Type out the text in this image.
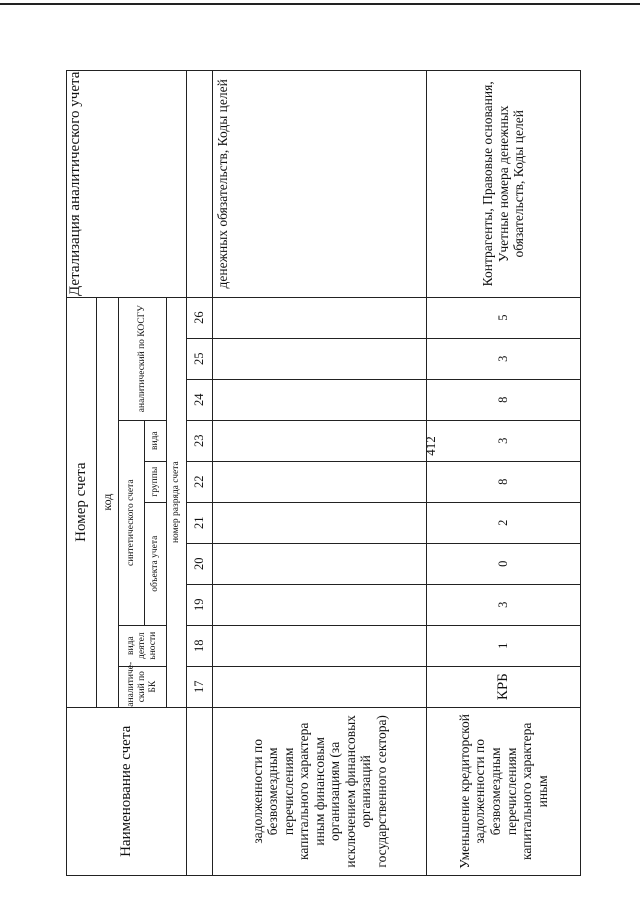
412
Наименование счета	Номер счета										Детализация аналитического учета
	код										
	аналитический по БК	вида деятел ьности	синтетического счета					аналитический по КОСГУ			
			объекта учета			группы	вида				
	номер разряда счета										
	17	18	19	20	21	22	23	24	25	26	
задолженности по безвозмездным перечислениям капитального характера иным финансовым организациям (за исключением финансовых организаций государственного сектора)											денежных обязательств, Коды целей
Уменьшение кредиторской задолженности по безвозмездным перечислениям капитального характера иным	КРБ	1	3	0	2	8	3	8	3	5	Контрагенты, Правовые основания, Учетные номера денежных обязательств, Коды целей
